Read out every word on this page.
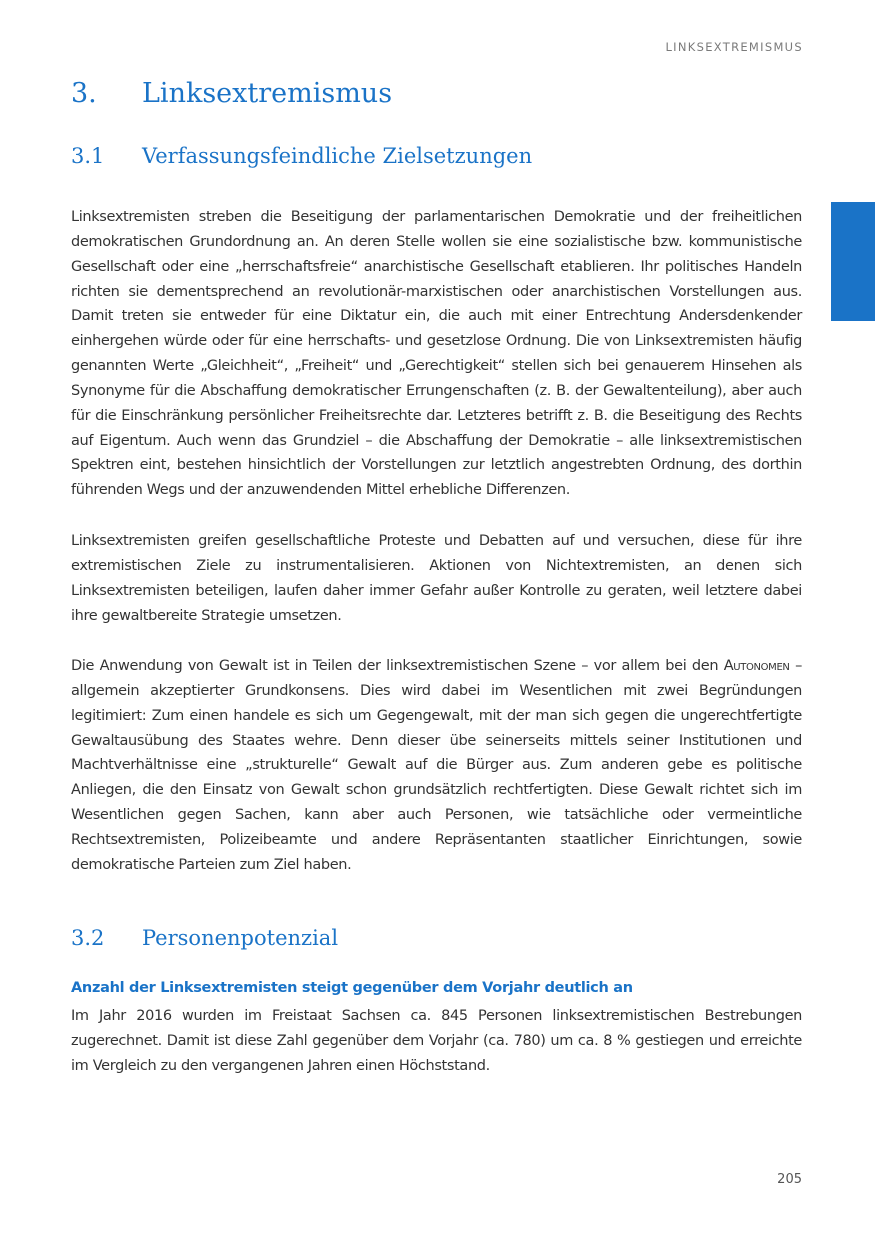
LINKSEXTREMISMUS
3. Linksextremismus
3.1 Verfassungsfeindliche Zielsetzungen

Linksextremisten streben die Beseitigung der parlamentarischen Demokratie und der freiheitlichen demokratischen Grundordnung an. An deren Stelle wollen sie eine sozialistische bzw. kommunistische Gesellschaft oder eine „herrschaftsfreie“ anarchistische Gesellschaft etablieren. Ihr politisches Handeln richten sie dementsprechend an revolutionär-marxistischen oder anarchistischen Vorstellungen aus. Damit treten sie entweder für eine Diktatur ein, die auch mit einer Entrechtung Andersdenkender einhergehen würde oder für eine herrschafts- und gesetzlose Ordnung. Die von Linksextremisten häufig genannten Werte „Gleichheit“, „Freiheit“ und „Gerechtigkeit“ stellen sich bei genauerem Hinsehen als Synonyme für die Abschaffung demokratischer Errungenschaften (z. B. der Gewaltenteilung), aber auch für die Einschränkung persönlicher Freiheitsrechte dar. Letzteres betrifft z. B. die Beseitigung des Rechts auf Eigentum. Auch wenn das Grundziel – die Abschaffung der Demokratie – alle linksextremistischen Spektren eint, bestehen hinsichtlich der Vorstellungen zur letztlich angestrebten Ordnung, des dorthin führenden Wegs und der anzuwendenden Mittel erhebliche Differenzen.

Linksextremisten greifen gesellschaftliche Proteste und Debatten auf und versuchen, diese für ihre extremistischen Ziele zu instrumentalisieren. Aktionen von Nichtextremisten, an denen sich Linksextremisten beteiligen, laufen daher immer Gefahr außer Kontrolle zu geraten, weil letztere dabei ihre gewaltbereite Strategie umsetzen.

Die Anwendung von Gewalt ist in Teilen der linksextremistischen Szene – vor allem bei den Autonomen – allgemein akzeptierter Grundkonsens. Dies wird dabei im Wesentlichen mit zwei Begründungen legitimiert: Zum einen handele es sich um Gegengewalt, mit der man sich gegen die ungerechtfertigte Gewaltausübung des Staates wehre. Denn dieser übe seinerseits mittels seiner Institutionen und Machtverhältnisse eine „strukturelle“ Gewalt auf die Bürger aus. Zum anderen gebe es politische Anliegen, die den Einsatz von Gewalt schon grundsätzlich rechtfertigten. Diese Gewalt richtet sich im Wesentlichen gegen Sachen, kann aber auch Personen, wie tatsächliche oder vermeintliche Rechtsextremisten, Polizeibeamte und andere Repräsentanten staatlicher Einrichtungen, sowie demokratische Parteien zum Ziel haben.

3.2 Personenpotenzial
Anzahl der Linksextremisten steigt gegenüber dem Vorjahr deutlich an

Im Jahr 2016 wurden im Freistaat Sachsen ca. 845 Personen linksextremistischen Bestrebungen zugerechnet. Damit ist diese Zahl gegenüber dem Vorjahr (ca. 780) um ca. 8 % gestiegen und erreichte im Vergleich zu den vergangenen Jahren einen Höchststand.

205
